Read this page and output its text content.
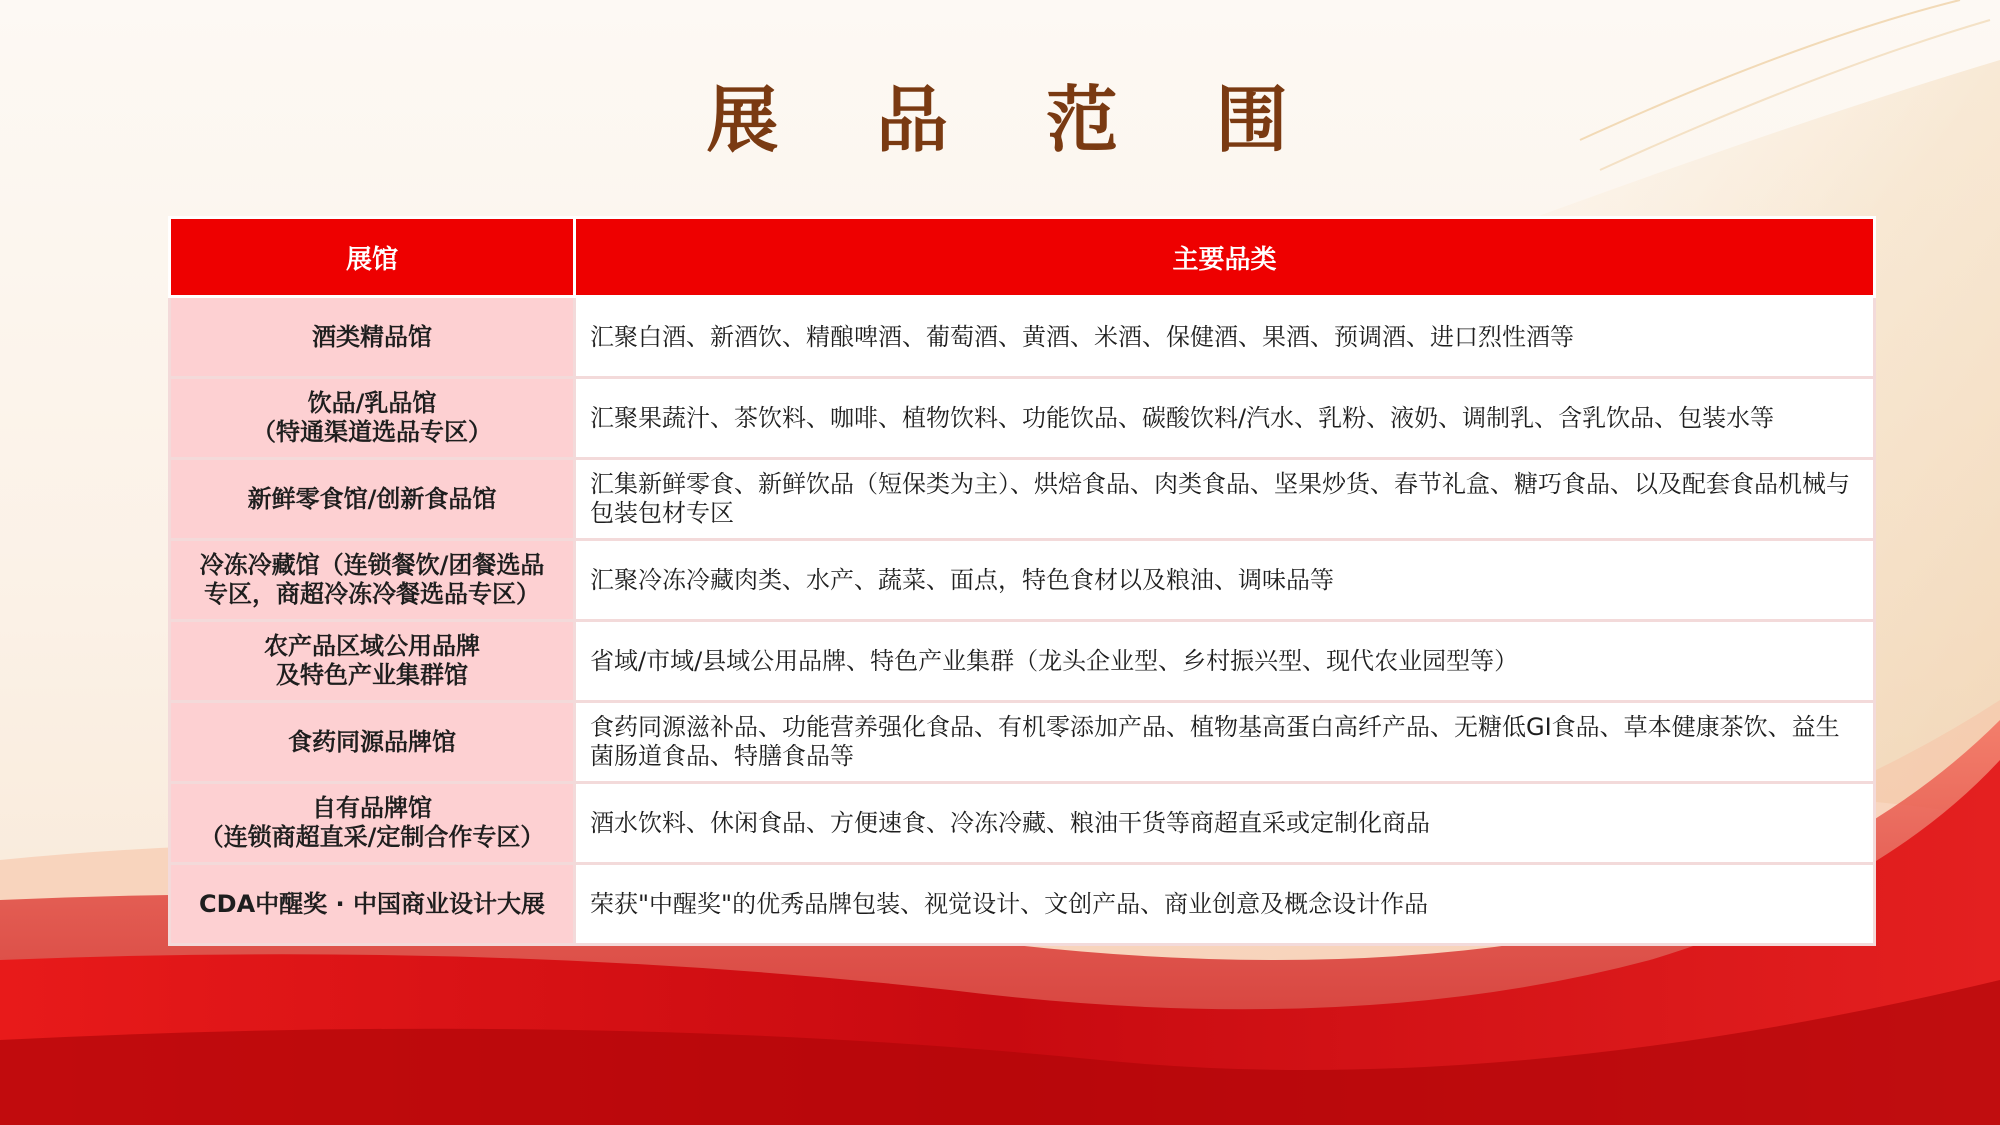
展 品 范 围
展馆	主要品类

酒类精品馆	汇聚白酒、新酒饮、精酿啤酒、葡萄酒、黄酒、米酒、保健酒、果酒、预调酒、进口烈性酒等

饮品/乳品馆
（特通渠道选品专区）	汇聚果蔬汁、茶饮料、咖啡、植物饮料、功能饮品、碳酸饮料/汽水、乳粉、液奶、调制乳、含乳饮品、包装水等

新鲜零食馆/创新食品馆	汇集新鲜零食、新鲜饮品（短保类为主）、烘焙食品、肉类食品、坚果炒货、春节礼盒、糖巧食品、以及配套食品机械与包装包材专区

冷冻冷藏馆（连锁餐饮/团餐选品
专区，商超冷冻冷餐选品专区）	汇聚冷冻冷藏肉类、水产、蔬菜、面点，特色食材以及粮油、调味品等

农产品区域公用品牌
及特色产业集群馆	省域/市域/县域公用品牌、特色产业集群（龙头企业型、乡村振兴型、现代农业园型等）

食药同源品牌馆	食药同源滋补品、功能营养强化食品、有机零添加产品、植物基高蛋白高纤产品、无糖低GI食品、草本健康茶饮、益生菌肠道食品、特膳食品等

自有品牌馆
（连锁商超直采/定制合作专区）	酒水饮料、休闲食品、方便速食、冷冻冷藏、粮油干货等商超直采或定制化商品

CDA中醒奖 · 中国商业设计大展	荣获"中醒奖"的优秀品牌包装、视觉设计、文创产品、商业创意及概念设计作品
